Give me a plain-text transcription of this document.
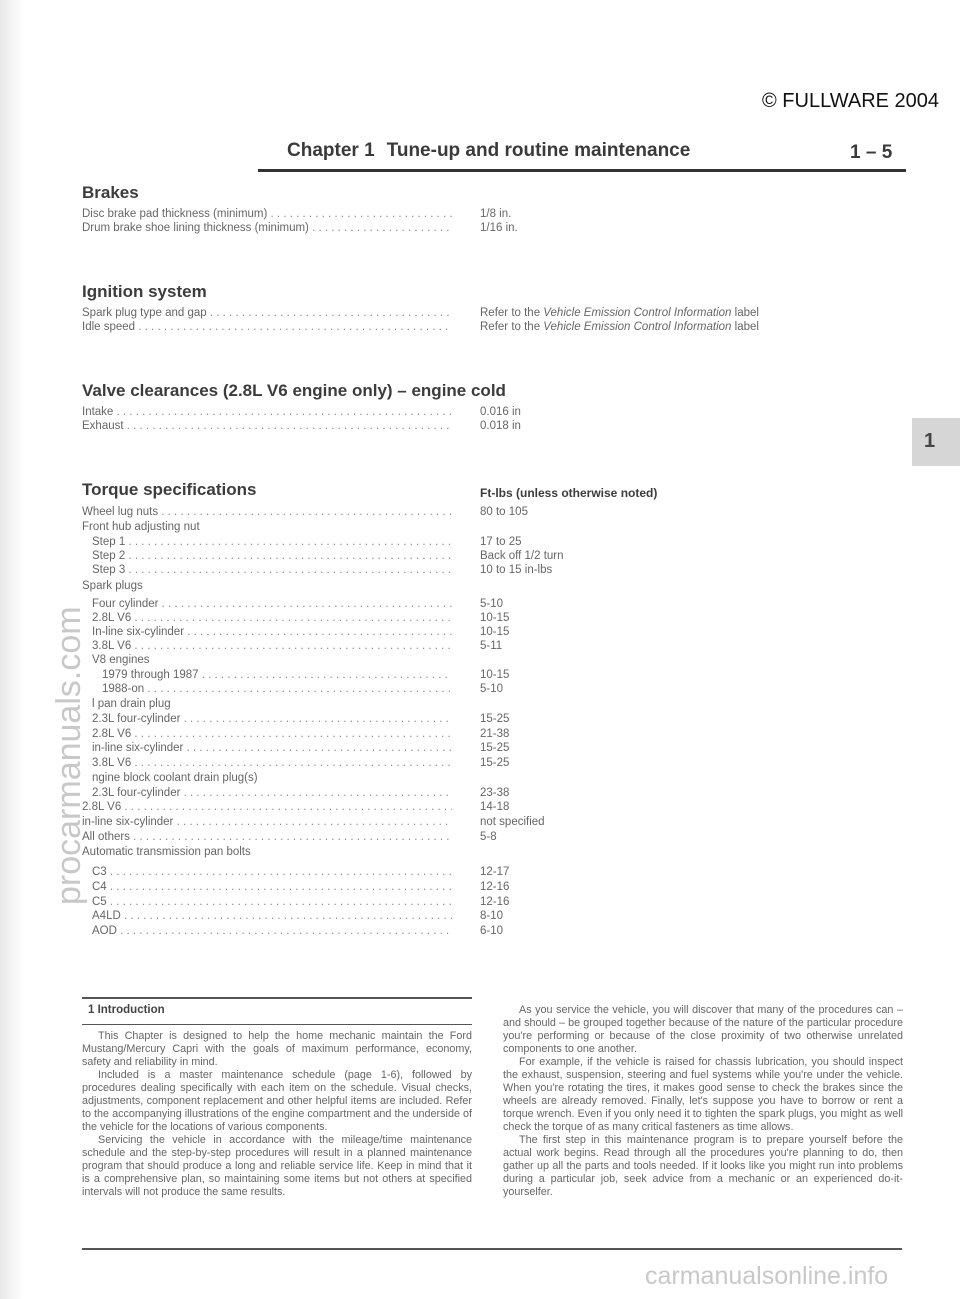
© FULLWARE 2004
Chapter 1 Tune-up and routine maintenance	1 – 5
1
Brakes
Disc brake pad thickness (minimum) . . .	1/8 in.
Drum brake shoe lining thickness (minimum) . . .	1/16 in.
Ignition system
Spark plug type and gap . . .	Refer to the Vehicle Emission Control Information label
Idle speed . . .	Refer to the Vehicle Emission Control Information label
Valve clearances (2.8L V6 engine only) – engine cold
Intake . . .	0.016 in
Exhaust . . .	0.018 in
Torque specifications	Ft-lbs (unless otherwise noted)
Wheel lug nuts . . .	80 to 105
Front hub adjusting nut
Step 1 . . .	17 to 25
Step 2 . . .	Back off 1/2 turn
Step 3 . . .	10 to 15 in-lbs
Spark plugs
Four cylinder . . .	5-10
2.8L V6 . . .	10-15
In-line six-cylinder . . .	10-15
3.8L V6 . . .	5-11
V8 engines
1979 through 1987 . . .	10-15
1988-on . . .	5-10
l pan drain plug
2.3L four-cylinder . . .	15-25
2.8L V6 . . .	21-38
in-line six-cylinder . . .	15-25
3.8L V6 . . .	15-25
ngine block coolant drain plug(s)
2.3L four-cylinder . . .	23-38
2.8L V6 . . .	14-18
in-line six-cylinder . . .	not specified
All others . . .	5-8
Automatic transmission pan bolts
C3 . . .	12-17
C4 . . .	12-16
C5 . . .	12-16
A4LD . . .	8-10
AOD . . .	6-10
1 Introduction

This Chapter is designed to help the home mechanic maintain the Ford Mustang/Mercury Capri with the goals of maximum performance, economy, safety and reliability in mind.

Included is a master maintenance schedule (page 1-6), followed by procedures dealing specifically with each item on the schedule. Visual checks, adjustments, component replacement and other helpful items are included. Refer to the accompanying illustrations of the engine compartment and the underside of the vehicle for the locations of various components.

Servicing the vehicle in accordance with the mileage/time maintenance schedule and the step-by-step procedures will result in a planned maintenance program that should produce a long and reliable service life. Keep in mind that it is a comprehensive plan, so maintaining some items but not others at specified intervals will not produce the same results.

As you service the vehicle, you will discover that many of the procedures can – and should – be grouped together because of the nature of the particular procedure you're performing or because of the close proximity of two otherwise unrelated components to one another.

For example, if the vehicle is raised for chassis lubrication, you should inspect the exhaust, suspension, steering and fuel systems while you're under the vehicle. When you're rotating the tires, it makes good sense to check the brakes since the wheels are already removed. Finally, let's suppose you have to borrow or rent a torque wrench. Even if you only need it to tighten the spark plugs, you might as well check the torque of as many critical fasteners as time allows.

The first step in this maintenance program is to prepare yourself before the actual work begins. Read through all the procedures you're planning to do, then gather up all the parts and tools needed. If it looks like you might run into problems during a particular job, seek advice from a mechanic or an experienced do-it-yourselfer.

procarmanuals.com
carmanualsonline.info
